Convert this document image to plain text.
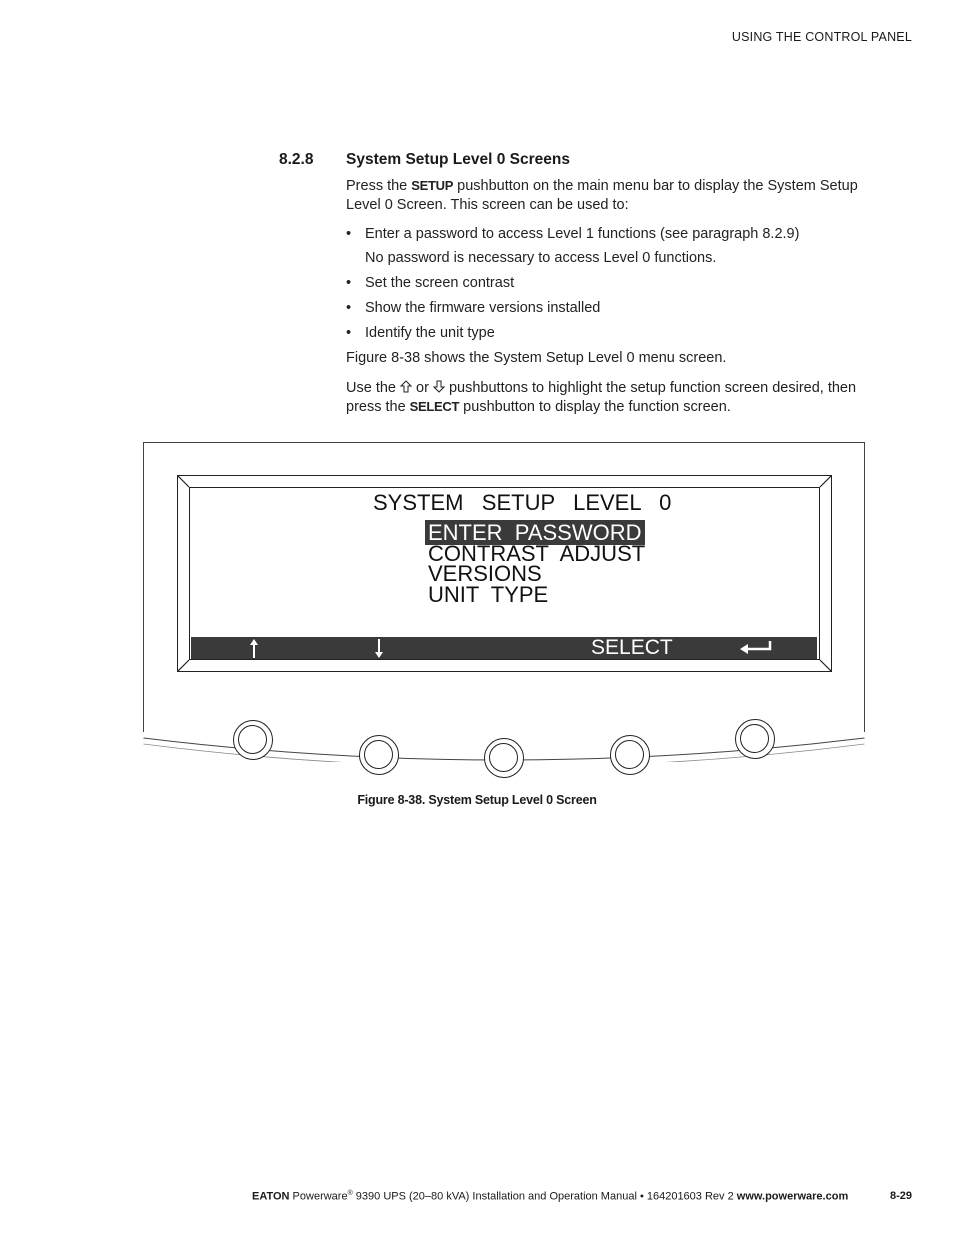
USING THE CONTROL PANEL
8.2.8 System Setup Level 0 Screens
Press the SETUP pushbutton on the main menu bar to display the System Setup
Level 0 Screen. This screen can be used to:
• Enter a password to access Level 1 functions (see paragraph 8.2.9)
No password is necessary to access Level 0 functions.
• Set the screen contrast
• Show the firmware versions installed
• Identify the unit type
Figure 8-38 shows the System Setup Level 0 menu screen.
Use the  or  pushbuttons to highlight the setup function screen desired, then
press the SELECT pushbutton to display the function screen.
SYSTEM   SETUP   LEVEL   0
ENTER  PASSWORD
CONTRAST  ADJUST
VERSIONS
UNIT  TYPE
SELECT
Figure 8-38. System Setup Level 0 Screen
EATON Powerware® 9390 UPS (20–80 kVA) Installation and Operation Manual • 164201603 Rev 2 www.powerware.com	8-29
